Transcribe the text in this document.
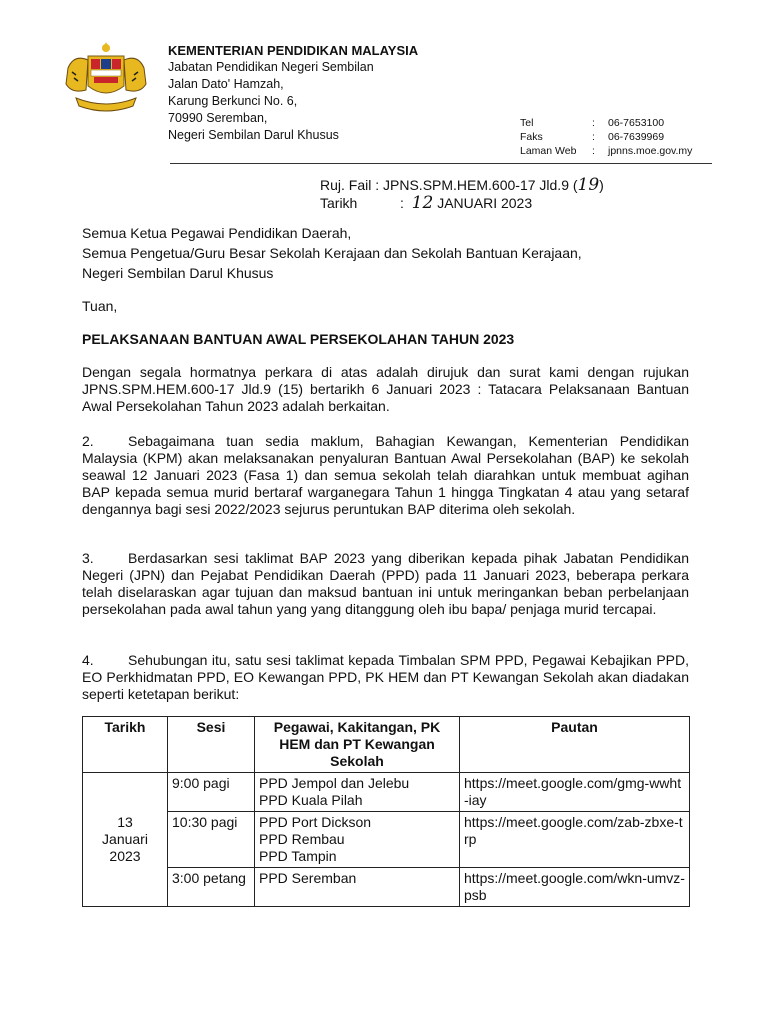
KEMENTERIAN PENDIDIKAN MALAYSIA
Jabatan Pendidikan Negeri Sembilan
Jalan Dato' Hamzah,
Karung Berkunci No. 6,
70990 Seremban,
Negeri Sembilan Darul Khusus
Tel	:	06-7653100
Faks	:	06-7639969
Laman Web	:	jpnns.moe.gov.my
Ruj. Fail :
JPNS.SPM.HEM.600-17 Jld.9 ( 19 )
Tarikh	:
12
JANUARI 2023
Semua Ketua Pegawai Pendidikan Daerah,
Semua Pengetua/Guru Besar Sekolah Kerajaan dan Sekolah Bantuan Kerajaan,
Negeri Sembilan Darul Khusus
Tuan,
PELAKSANAAN BANTUAN AWAL PERSEKOLAHAN TAHUN 2023
Dengan segala hormatnya perkara di atas adalah dirujuk dan surat kami dengan rujukan JPNS.SPM.HEM.600-17 Jld.9 (15) bertarikh 6 Januari 2023 : Tatacara Pelaksanaan Bantuan Awal Persekolahan Tahun 2023 adalah berkaitan.
2. Sebagaimana tuan sedia maklum, Bahagian Kewangan, Kementerian Pendidikan Malaysia (KPM) akan melaksanakan penyaluran Bantuan Awal Persekolahan (BAP) ke sekolah seawal 12 Januari 2023 (Fasa 1) dan semua sekolah telah diarahkan untuk membuat agihan BAP kepada semua murid bertaraf warganegara Tahun 1 hingga Tingkatan 4 atau yang setaraf dengannya bagi sesi 2022/2023 sejurus peruntukan BAP diterima oleh sekolah.
3. Berdasarkan sesi taklimat BAP 2023 yang diberikan kepada pihak Jabatan Pendidikan Negeri (JPN) dan Pejabat Pendidikan Daerah (PPD) pada 11 Januari 2023, beberapa perkara telah diselaraskan agar tujuan dan maksud bantuan ini untuk meringankan beban perbelanjaan persekolahan pada awal tahun yang yang ditanggung oleh ibu bapa/ penjaga murid tercapai.
4. Sehubungan itu, satu sesi taklimat kepada Timbalan SPM PPD, Pegawai Kebajikan PPD, EO Perkhidmatan PPD, EO Kewangan PPD, PK HEM dan PT Kewangan Sekolah akan diadakan seperti ketetapan berikut:
Tarikh	Sesi	Pegawai, Kakitangan, PK HEM dan PT Kewangan Sekolah	Pautan

13
Januari
2023	9:00 pagi	PPD Jempol dan Jelebu
PPD Kuala Pilah	https://meet.google.com/gmg-wwht-iay
	10:30 pagi	PPD Port Dickson
PPD Rembau
PPD Tampin	https://meet.google.com/zab-zbxe-trp
	3:00 petang	PPD Seremban	https://meet.google.com/wkn-umvz-psb
